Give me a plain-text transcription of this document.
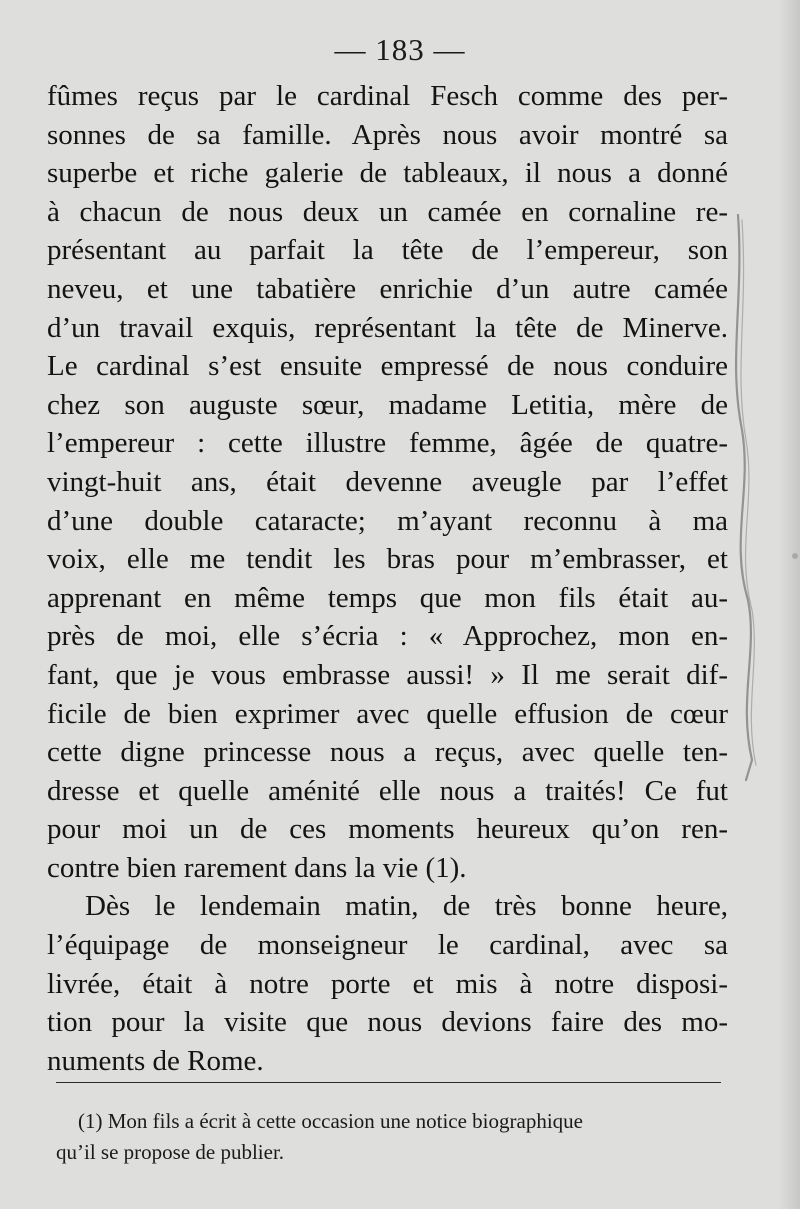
— 183 —
fûmes reçus par le cardinal Fesch comme des per-
sonnes de sa famille. Après nous avoir montré sa
superbe et riche galerie de tableaux, il nous a donné
à chacun de nous deux un camée en cornaline re-
présentant au parfait la tête de l’empereur, son
neveu, et une tabatière enrichie d’un autre camée
d’un travail exquis, représentant la tête de Minerve.
Le cardinal s’est ensuite empressé de nous conduire
chez son auguste sœur, madame Letitia, mère de
l’empereur : cette illustre femme, âgée de quatre-
vingt-huit ans, était devenne aveugle par l’effet
d’une double cataracte; m’ayant reconnu à ma
voix, elle me tendit les bras pour m’embrasser, et
apprenant en même temps que mon fils était au-
près de moi, elle s’écria : « Approchez, mon en-
fant, que je vous embrasse aussi! » Il me serait dif-
ficile de bien exprimer avec quelle effusion de cœur
cette digne princesse nous a reçus, avec quelle ten-
dresse et quelle aménité elle nous a traités! Ce fut
pour moi un de ces moments heureux qu’on ren-
contre bien rarement dans la vie (1).
Dès le lendemain matin, de très bonne heure,
l’équipage de monseigneur le cardinal, avec sa
livrée, était à notre porte et mis à notre disposi-
tion pour la visite que nous devions faire des mo-
numents de Rome.
(1) Mon fils a écrit à cette occasion une notice biographique
qu’il se propose de publier.
